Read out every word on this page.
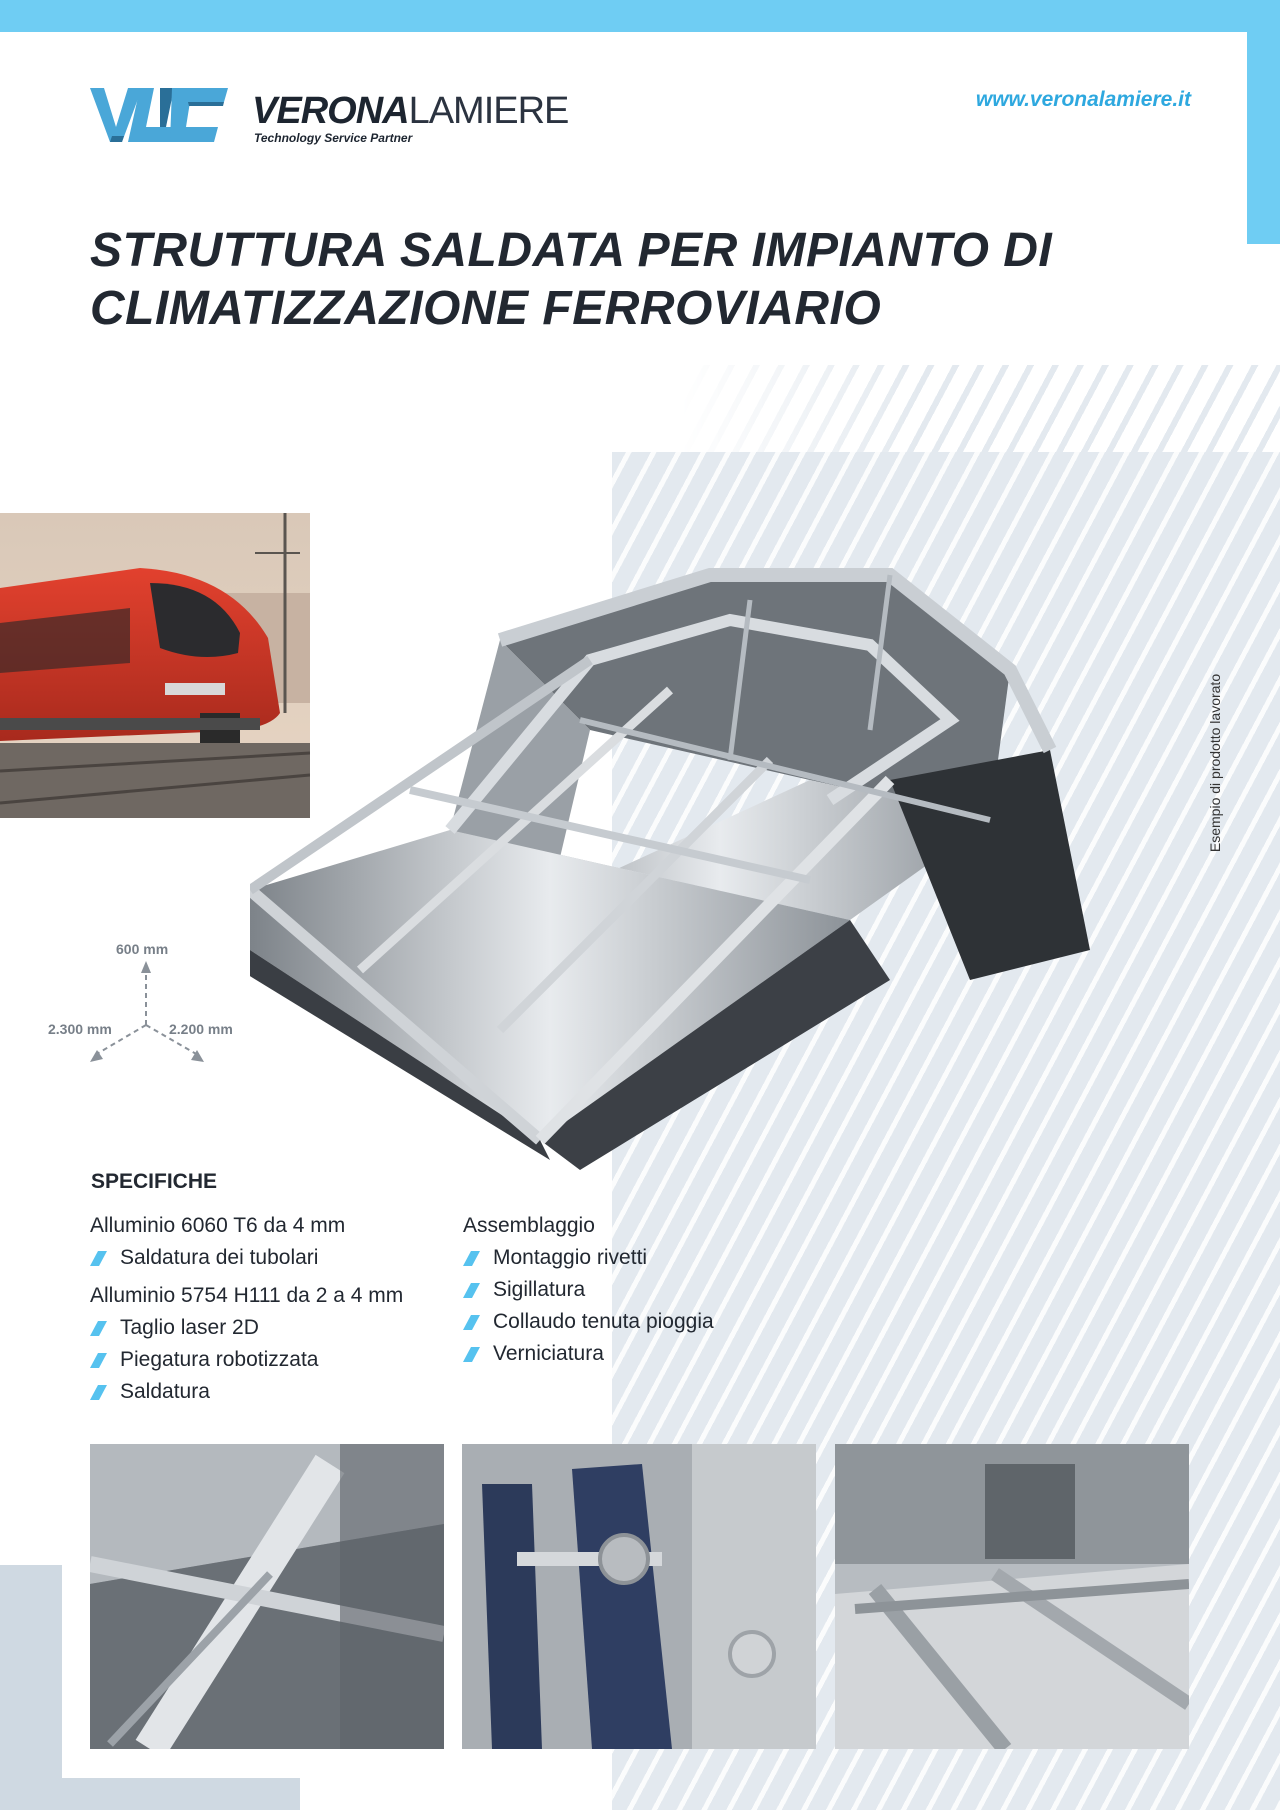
VERONALAMIERE
Technology Service Partner
www.veronalamiere.it
STRUTTURA SALDATA PER IMPIANTO DI
CLIMATIZZAZIONE FERROVIARIO
Esempio di prodotto lavorato
600 mm
2.300 mm	2.200 mm
SPECIFICHE
Alluminio 6060 T6 da 4 mm
Saldatura dei tubolari
Alluminio 5754 H111 da 2 a 4 mm
Taglio laser 2D
Piegatura robotizzata
Saldatura
Assemblaggio
Montaggio rivetti
Sigillatura
Collaudo tenuta pioggia
Verniciatura
